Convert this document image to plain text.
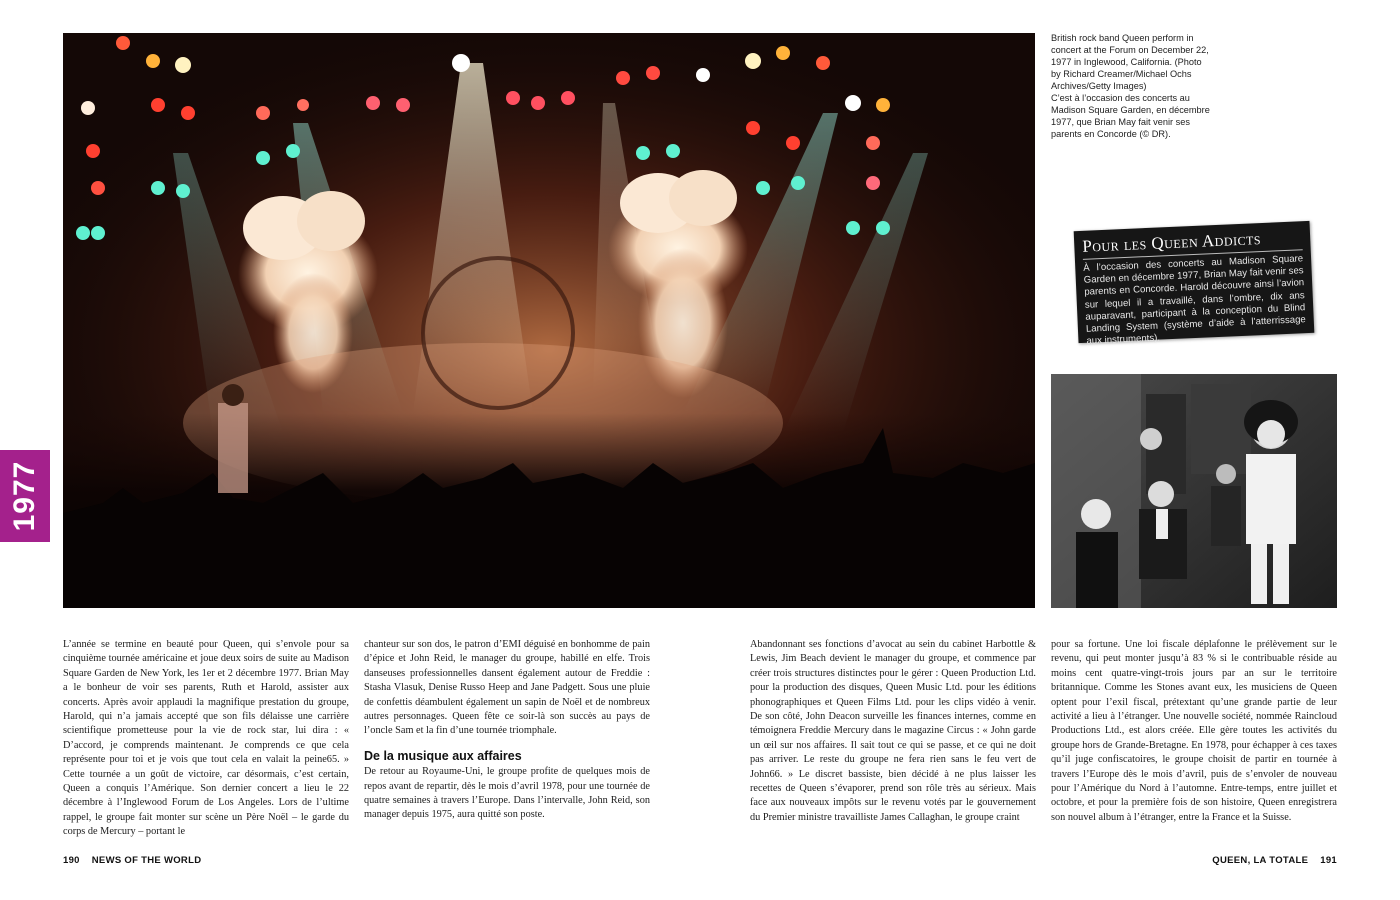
1977

British rock band Queen perform in concert at the Forum on December 22, 1977 in Inglewood, California. (Photo by Richard Creamer/Michael Ochs Archives/Getty Images)

C’est à l’occasion des concerts au Madison Square Garden, en décembre 1977, que Brian May fait venir ses parents en Concorde (© DR).

Pour les Queen Addicts
À l’occasion des concerts au Madison Square Garden en décembre 1977, Brian May fait venir ses parents en Concorde. Harold découvre ainsi l’avion sur lequel il a travaillé, dans l’ombre, dix ans auparavant, participant à la conception du Blind Landing System (système d’aide à l’atterrissage aux instruments).

L’année se termine en beauté pour Queen, qui s’envole pour sa cinquième tournée américaine et joue deux soirs de suite au Madison Square Garden de New York, les 1er et 2 décembre 1977. Brian May a le bonheur de voir ses parents, Ruth et Harold, assister aux concerts. Après avoir applaudi la magnifique prestation du groupe, Harold, qui n’a jamais accepté que son fils délaisse une carrière scientifique prometteuse pour la vie de rock star, lui dira : « D’accord, je comprends maintenant. Je comprends ce que cela représente pour toi et je vois que tout cela en valait la peine65. » Cette tournée a un goût de victoire, car désormais, c’est certain, Queen a conquis l’Amérique. Son dernier concert a lieu le 22 décembre à l’Inglewood Forum de Los Angeles. Lors de l’ultime rappel, le groupe fait monter sur scène un Père Noël – le garde du corps de Mercury – portant le

chanteur sur son dos, le patron d’EMI déguisé en bonhomme de pain d’épice et John Reid, le manager du groupe, habillé en elfe. Trois danseuses professionnelles dansent également autour de Freddie : Stasha Vlasuk, Denise Russo Heep and Jane Padgett. Sous une pluie de confettis déambulent également un sapin de Noël et de nombreux autres personnages. Queen fête ce soir-là son succès au pays de l’oncle Sam et la fin d’une tournée triomphale.

De la musique aux affaires

De retour au Royaume-Uni, le groupe profite de quelques mois de repos avant de repartir, dès le mois d’avril 1978, pour une tournée de quatre semaines à travers l’Europe. Dans l’intervalle, John Reid, son manager depuis 1975, aura quitté son poste.

Abandonnant ses fonctions d’avocat au sein du cabinet Harbottle & Lewis, Jim Beach devient le manager du groupe, et commence par créer trois structures distinctes pour le gérer : Queen Production Ltd. pour la production des disques, Queen Music Ltd. pour les éditions phonographiques et Queen Films Ltd. pour les clips vidéo à venir. De son côté, John Deacon surveille les finances internes, comme en témoignera Freddie Mercury dans le magazine Circus : « John garde un œil sur nos affaires. Il sait tout ce qui se passe, et ce qui ne doit pas arriver. Le reste du groupe ne fera rien sans le feu vert de John66. » Le discret bassiste, bien décidé à ne plus laisser les recettes de Queen s’évaporer, prend son rôle très au sérieux. Mais face aux nouveaux impôts sur le revenu votés par le gouvernement du Premier ministre travailliste James Callaghan, le groupe craint

pour sa fortune. Une loi fiscale déplafonne le prélèvement sur le revenu, qui peut monter jusqu’à 83 % si le contribuable réside au moins cent quatre-vingt-trois jours par an sur le territoire britannique. Comme les Stones avant eux, les musiciens de Queen optent pour l’exil fiscal, prétextant qu’une grande partie de leur activité a lieu à l’étranger. Une nouvelle société, nommée Raincloud Productions Ltd., est alors créée. Elle gère toutes les activités du groupe hors de Grande-Bretagne. En 1978, pour échapper à ces taxes qu’il juge confiscatoires, le groupe choisit de partir en tournée à travers l’Europe dès le mois d’avril, puis de s’envoler de nouveau pour l’Amérique du Nord à l’automne. Entre-temps, entre juillet et octobre, et pour la première fois de son histoire, Queen enregistrera son nouvel album à l’étranger, entre la France et la Suisse.

190 NEWS OF THE WORLD	QUEEN, LA TOTALE 191
